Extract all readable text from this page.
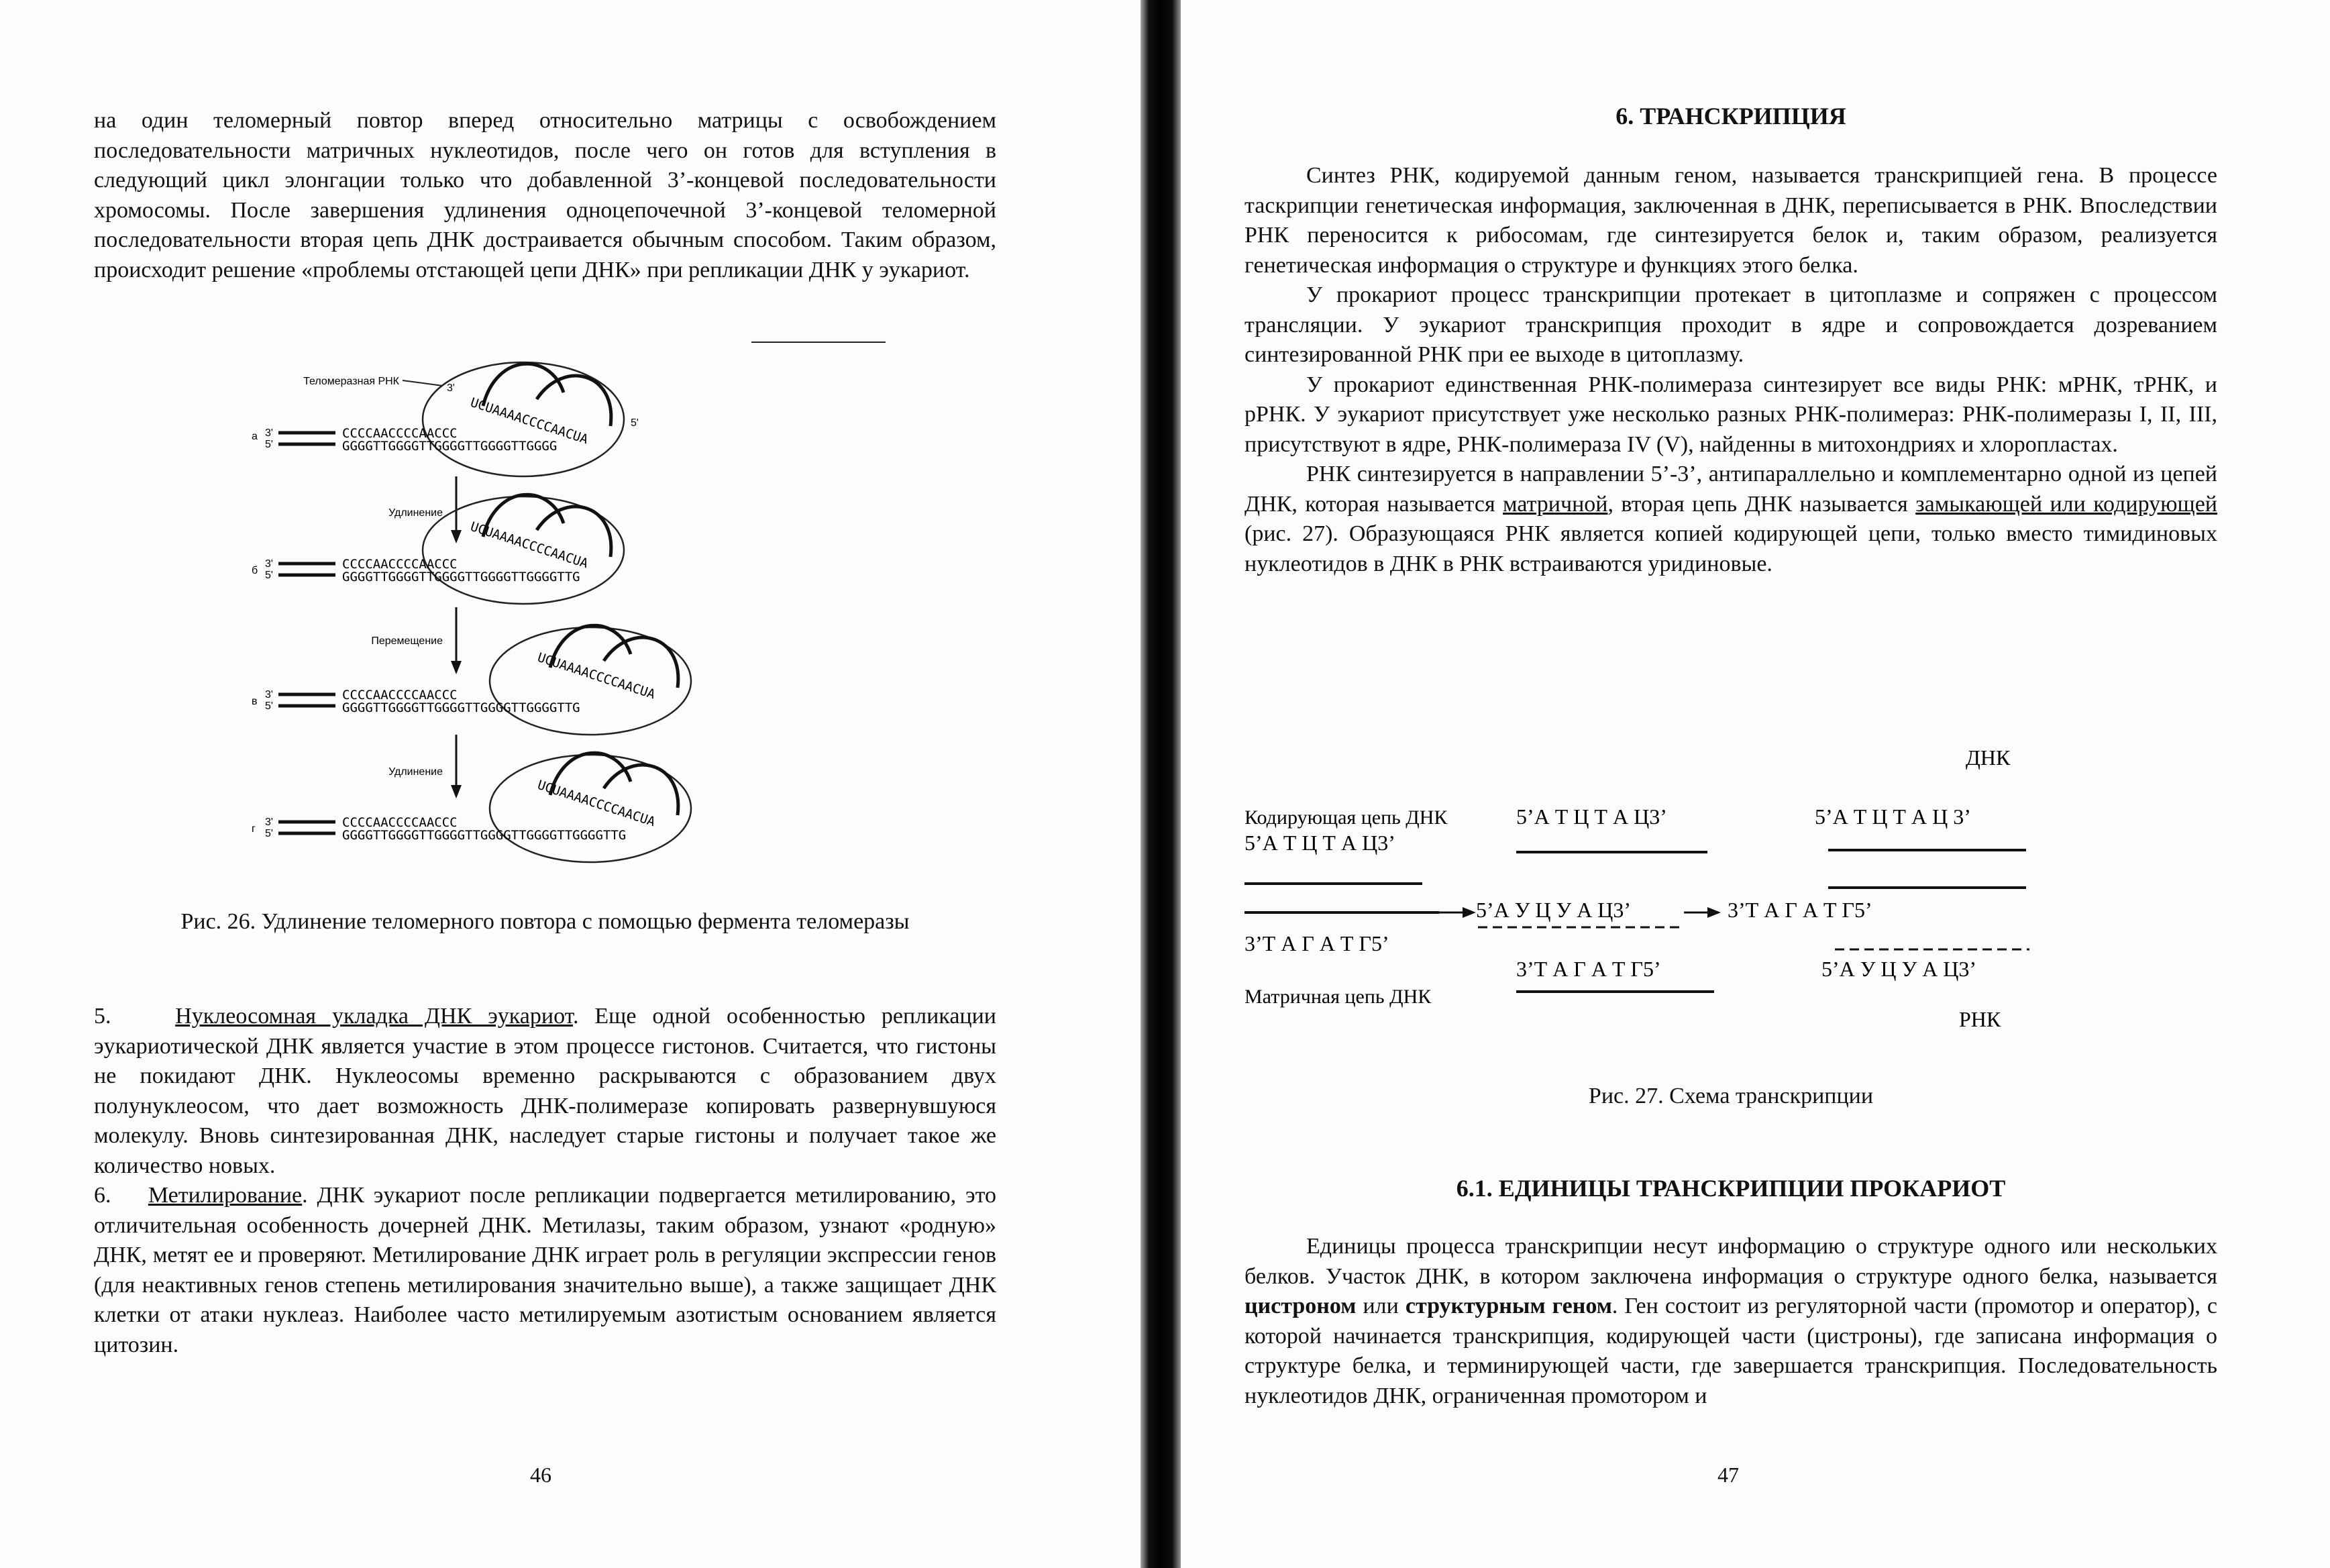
на один теломерный повтор вперед относительно матрицы с освобождением последовательности матричных нуклеотидов, после чего он готов для вступления в следующий цикл элонгации только что добавленной 3’-концевой последовательности хромосомы. После завершения удлинения одноцепочечной 3’-концевой теломерной последовательности вторая цепь ДНК достраивается обычным способом. Таким образом, происходит решение «проблемы отстающей цепи ДНК» при репликации ДНК у эукариот.

Теломеразная РНК
3'
а 3'
5'
CCCCAACCCCAACCC
GGGGTTGGGGTTGGGGTTGGGGTTGGGG
UCUAAAACCCCAACUA	5'
Удлинение
б
3'
5'
CCCCAACCCCAACCC
GGGGTTGGGGTTGGGGTTGGGGTTGGGGTTG
UCUAAAACCCCAACUA
Перемещение
в
3'
5'
CCCCAACCCCAACCC
GGGGTTGGGGTTGGGGTTGGGGTTGGGGTTG
UCUAAAACCCCAACUA
Удлинение
г
3'
5'
CCCCAACCCCAACCC
GGGGTTGGGGTTGGGGTTGGGGTTGGGGTTGGGGTTG
UCUAAAACCCCAACUA
Рис. 26. Удлинение теломерного повтора с помощью фермента теломеразы

5.	Нуклеосомная укладка ДНК эукариот. Еще одной особенностью репликации эукариотической ДНК является участие в этом процессе гистонов. Считается, что гистоны не покидают ДНК. Нуклеосомы временно раскрываются с образованием двух полунуклеосом, что дает возможность ДНК-полимеразе копировать развернувшуюся молекулу. Вновь синтезированная ДНК, наследует старые гистоны и получает такое же количество новых.

6. Метилирование. ДНК эукариот после репликации подвергается метилированию, это отличительная особенность дочерней ДНК. Метилазы, таким образом, узнают «родную» ДНК, метят ее и проверяют. Метилирование ДНК играет роль в регуляции экспрессии генов (для неактивных генов степень метилирования значительно выше), а также защищает ДНК клетки от атаки нуклеаз. Наиболее часто метилируемым азотистым основанием является цитозин.

46
6. ТРАНСКРИПЦИЯ

Синтез РНК, кодируемой данным геном, называется транскрипцией гена. В процессе таскрипции генетическая информация, заключенная в ДНК, переписывается в РНК. Впоследствии РНК переносится к рибосомам, где синтезируется белок и, таким образом, реализуется генетическая информация о структуре и функциях этого белка.

У прокариот процесс транскрипции протекает в цитоплазме и сопряжен с процессом трансляции. У эукариот транскрипция проходит в ядре и сопровождается дозреванием синтезированной РНК при ее выходе в цитоплазму.

У прокариот единственная РНК-полимераза синтезирует все виды РНК: мРНК, тРНК, и рРНК. У эукариот присутствует уже несколько разных РНК-полимераз: РНК-полимеразы I, II, III, присутствуют в ядре, РНК-полимераза IV (V), найденны в митохондриях и хлоропластах.

РНК синтезируется в направлении 5’-3’, антипараллельно и комплементарно одной из цепей ДНК, которая называется матричной, вторая цепь ДНК называется замыкающей или кодирующей (рис. 27). Образующаяся РНК является копией кодирующей цепи, только вместо тимидиновых нуклеотидов в ДНК в РНК встраиваются уридиновые.

ДНК
Кодирующая цепь ДНК
5’А Т Ц Т А Ц3’
3’Т А Г А Т Г5’
Матричная цепь ДНК
5’А Т Ц Т А Ц3’
5’А У Ц У А Ц3’
3’Т А Г А Т Г5’
5’А Т Ц Т А Ц 3’
3’Т А Г А Т Г5’
5’А У Ц У А Ц3’
РНК
Рис. 27. Схема транскрипции
6.1. ЕДИНИЦЫ ТРАНСКРИПЦИИ ПРОКАРИОТ

Единицы процесса транскрипции несут информацию о структуре одного или нескольких белков. Участок ДНК, в котором заключена информация о структуре одного белка, называется цистроном или структурным геном. Ген состоит из регуляторной части (промотор и оператор), с которой начинается транскрипция, кодирующей части (цистроны), где записана информация о структуре белка, и терминирующей части, где завершается транскрипция. Последовательность нуклеотидов ДНК, ограниченная промотором и

47
